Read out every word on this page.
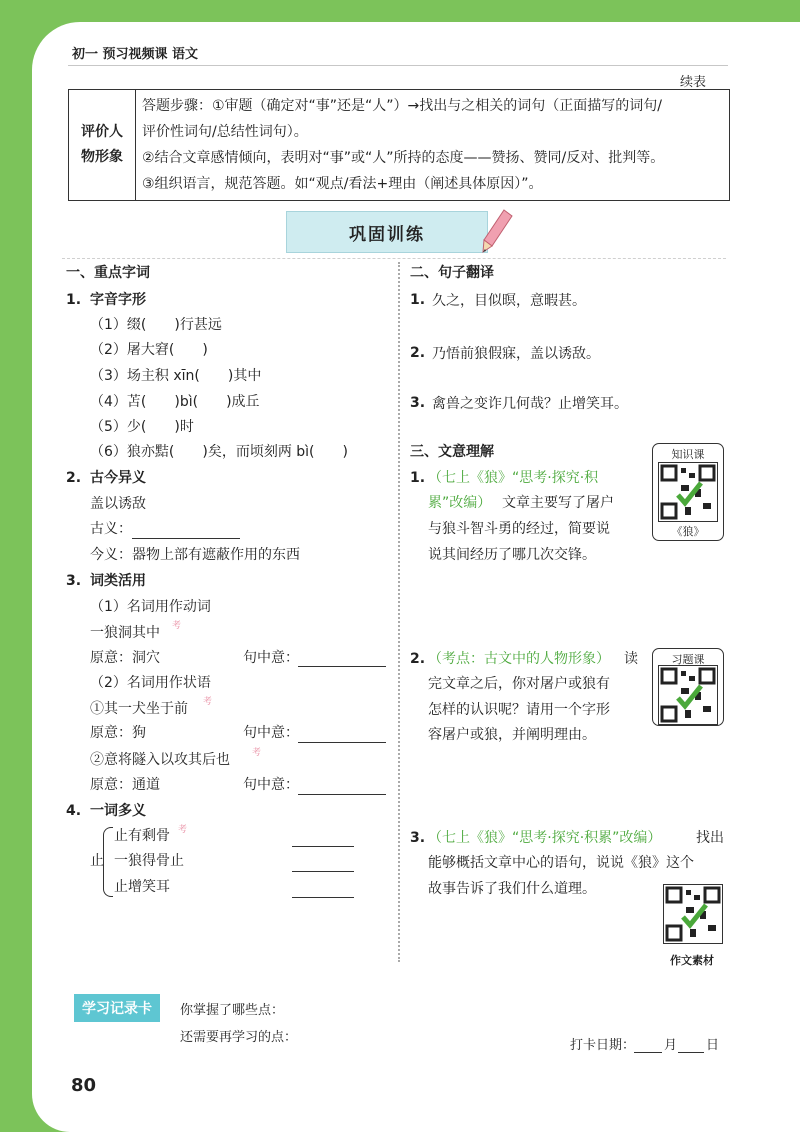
初一 预习视频课 语文
续表
评价人
物形象

答题步骤：①审题（确定对“事”还是“人”）→找出与之相关的词句（正面描写的词句/

评价性词句/总结性词句）。

②结合文章感情倾向，表明对“事”或“人”所持的态度——赞扬、赞同/反对、批判等。

③组织语言，规范答题。如“观点/看法+理由（阐述具体原因）”。

巩固训练
一、重点字词
1. 字音字形
（1）缀(　　)行甚远
（2）屠大窘(　　)
（3）场主积 xīn(　　)其中
（4）苫(　　)bì(　　)成丘
（5）少(　　)时
（6）狼亦黠(　　)矣，而顷刻两 bì(　　)
2. 古今异义
盖以诱敌
古义：
今义：器物上部有遮蔽作用的东西
3. 词类活用
（1）名词用作动词
一狼洞其中 考
原意：洞穴	句中意：
（2）名词用作状语
①其一犬坐于前 考
原意：狗	句中意：
②意将隧入以攻其后也 考
原意：通道	句中意：
4. 一词多义
止
止有剩骨 考
一狼得骨止
止增笑耳
二、句子翻译
1. 久之，目似暝，意暇甚。
2. 乃悟前狼假寐，盖以诱敌。
3. 禽兽之变诈几何哉？止增笑耳。
三、文意理解
1. （七上《狼》“思考·探究·积
累”改编） 文章主要写了屠户
与狼斗智斗勇的经过，简要说
说其间经历了哪几次交锋。
知识课
《狼》
2. （考点：古文中的人物形象） 读
完文章之后，你对屠户或狼有
怎样的认识呢？请用一个字形
容屠户或狼，并阐明理由。
习题课
3. （七上《狼》“思考·探究·积累”改编） 找出
能够概括文章中心的语句，说说《狼》这个
故事告诉了我们什么道理。
作文素材
学习记录卡	你掌握了哪些点：
还需要再学习的点：
打卡日期： 月 日
80
